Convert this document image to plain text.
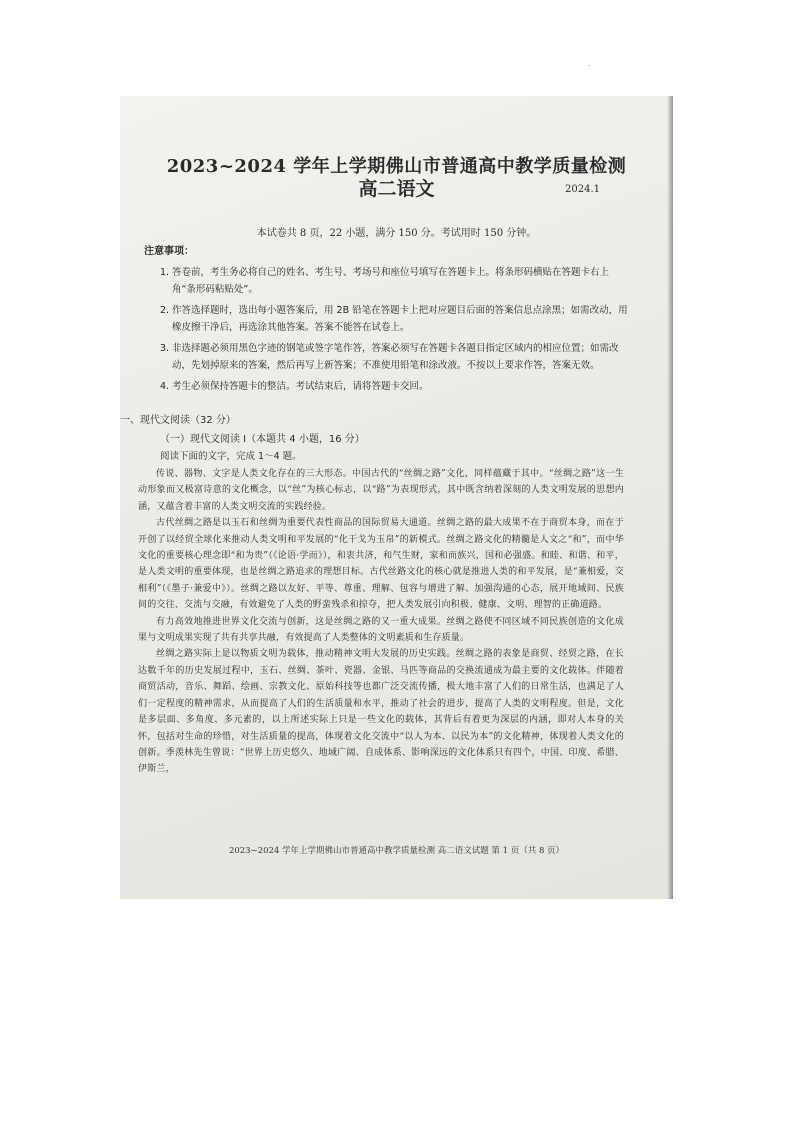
.
2023~2024 学年上学期佛山市普通高中教学质量检测
高二语文	2024.1
本试卷共 8 页，22 小题，满分 150 分。考试用时 150 分钟。
注意事项：
1. 答卷前，考生务必将自己的姓名、考生号、考场号和座位号填写在答题卡上。将条形码横贴在答题卡右上角“条形码粘贴处”。
2. 作答选择题时，选出每小题答案后，用 2B 铅笔在答题卡上把对应题目后面的答案信息点涂黑；如需改动，用橡皮擦干净后，再选涂其他答案。答案不能答在试卷上。
3. 非选择题必须用黑色字迹的钢笔或签字笔作答，答案必须写在答题卡各题目指定区域内的相应位置；如需改动，先划掉原来的答案，然后再写上新答案；不准使用铅笔和涂改液。不按以上要求作答，答案无效。
4. 考生必须保持答题卡的整洁。考试结束后，请将答题卡交回。
一、现代文阅读（32 分）
（一）现代文阅读 I（本题共 4 小题，16 分）
阅读下面的文字，完成 1～4 题。

传说、器物、文字是人类文化存在的三大形态。中国古代的“丝绸之路”文化，同样蕴藏于其中。“丝绸之路”这一生动形象而又极富诗意的文化概念，以“丝”为核心标志，以“路”为表现形式，其中既含纳着深刻的人类文明发展的思想内涵，又蕴含着丰富的人类文明交流的实践经验。

古代丝绸之路是以玉石和丝绸为重要代表性商品的国际贸易大通道。丝绸之路的最大成果不在于商贸本身，而在于开创了以经贸全球化来推动人类文明和平发展的“化干戈为玉帛”的新模式。丝绸之路文化的精髓是人文之“和”，而中华文化的重要核心理念即“和为贵”（《论语·学而》），和衷共济，和气生财，家和而族兴，国和必强盛。和睦、和谐、和平，是人类文明的重要体现，也是丝绸之路追求的理想目标。古代丝路文化的核心就是推进人类的和平发展，是“兼相爱，交相利”（《墨子·兼爱中》）。丝绸之路以友好、平等、尊重、理解、包容与增进了解、加强沟通的心态，展开地域间、民族间的交往、交流与交融，有效避免了人类的野蛮残杀和掠夺，把人类发展引向积极、健康、文明、理智的正确道路。

有力高效地推进世界文化交流与创新，这是丝绸之路的又一重大成果。丝绸之路使不同区域不同民族创造的文化成果与文明成果实现了共有共享共融，有效提高了人类整体的文明素质和生存质量。

丝绸之路实际上是以物质文明为载体，推动精神文明大发展的历史实践。丝绸之路的表象是商贸、经贸之路，在长达数千年的历史发展过程中，玉石、丝绸、茶叶、瓷器、金银、马匹等商品的交换流通成为最主要的文化载体。伴随着商贸活动，音乐、舞蹈、绘画、宗教文化、原始科技等也都广泛交流传播，极大地丰富了人们的日常生活，也满足了人们一定程度的精神需求，从而提高了人们的生活质量和水平，推动了社会的进步，提高了人类的文明程度。但是，文化是多层面、多角度、多元素的，以上所述实际上只是一些文化的载体，其背后有着更为深层的内涵，即对人本身的关怀，包括对生命的珍惜，对生活质量的提高，体现着文化交流中“以人为本、以民为本”的文化精神，体现着人类文化的创新。季羡林先生曾说：“世界上历史悠久、地域广阔、自成体系、影响深远的文化体系只有四个，中国、印度、希腊、伊斯兰，

2023~2024 学年上学期佛山市普通高中教学质量检测 高二语文试题 第 1 页（共 8 页）
